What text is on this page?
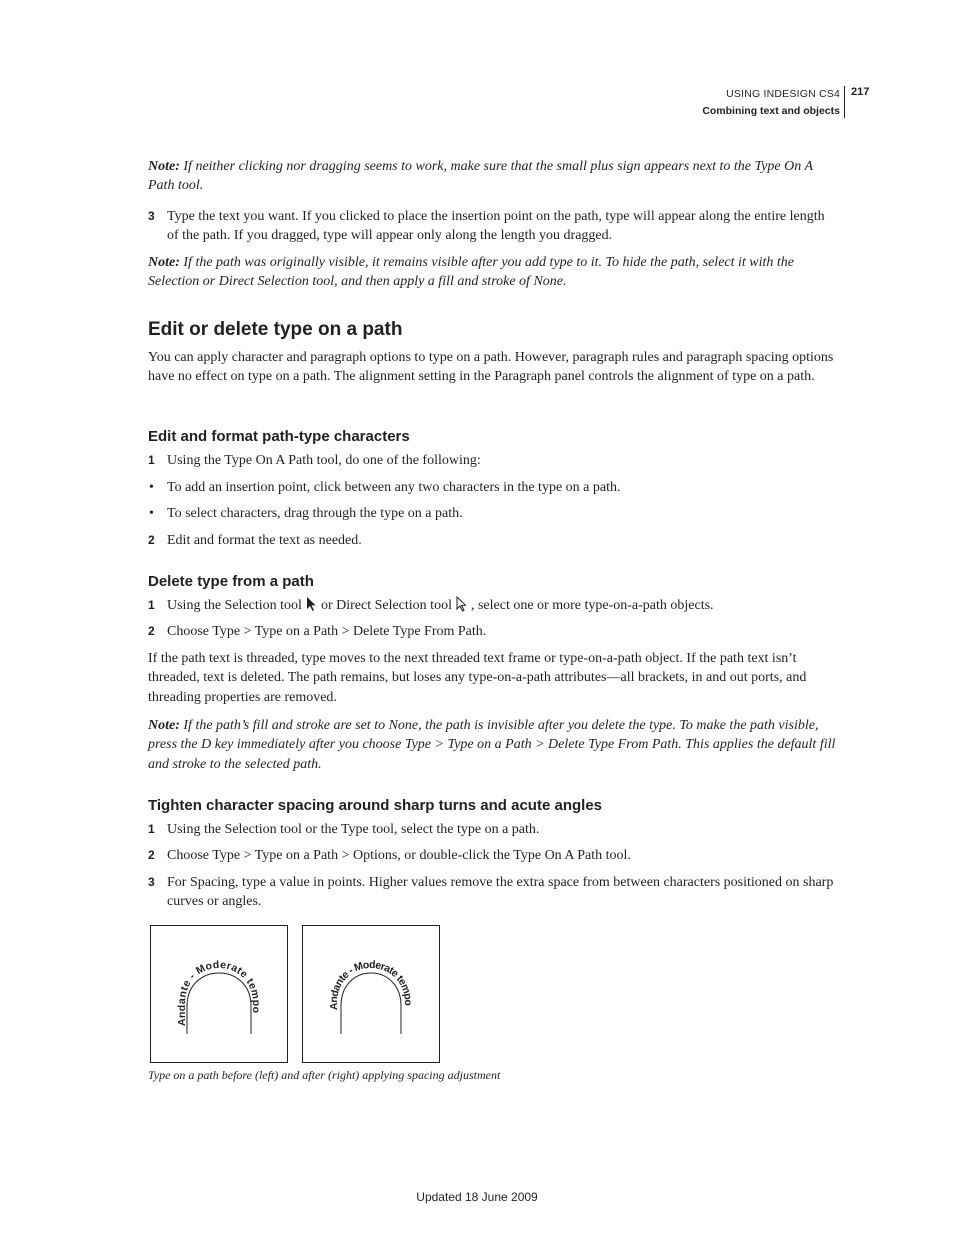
USING INDESIGN CS4
Combining text and objects
217
Note: If neither clicking nor dragging seems to work, make sure that the small plus sign appears next to the Type On A Path tool.
3 Type the text you want. If you clicked to place the insertion point on the path, type will appear along the entire length of the path. If you dragged, type will appear only along the length you dragged.
Note: If the path was originally visible, it remains visible after you add type to it. To hide the path, select it with the Selection or Direct Selection tool, and then apply a fill and stroke of None.
Edit or delete type on a path
You can apply character and paragraph options to type on a path. However, paragraph rules and paragraph spacing options have no effect on type on a path. The alignment setting in the Paragraph panel controls the alignment of type on a path.
Edit and format path-type characters
1 Using the Type On A Path tool, do one of the following:
• To add an insertion point, click between any two characters in the type on a path.
• To select characters, drag through the type on a path.
2 Edit and format the text as needed.
Delete type from a path
1 Using the Selection tool or Direct Selection tool , select one or more type-on-a-path objects.
2 Choose Type > Type on a Path > Delete Type From Path.
If the path text is threaded, type moves to the next threaded text frame or type-on-a-path object. If the path text isn’t threaded, text is deleted. The path remains, but loses any type-on-a-path attributes—all brackets, in and out ports, and threading properties are removed.
Note: If the path’s fill and stroke are set to None, the path is invisible after you delete the type. To make the path visible, press the D key immediately after you choose Type > Type on a Path > Delete Type From Path. This applies the default fill and stroke to the selected path.
Tighten character spacing around sharp turns and acute angles
1 Using the Selection tool or the Type tool, select the type on a path.
2 Choose Type > Type on a Path > Options, or double-click the Type On A Path tool.
3 For Spacing, type a value in points. Higher values remove the extra space from between characters positioned on sharp curves or angles.
Andante - Moderate tempo
Andante - Moderate tempo
Type on a path before (left) and after (right) applying spacing adjustment
Updated 18 June 2009
